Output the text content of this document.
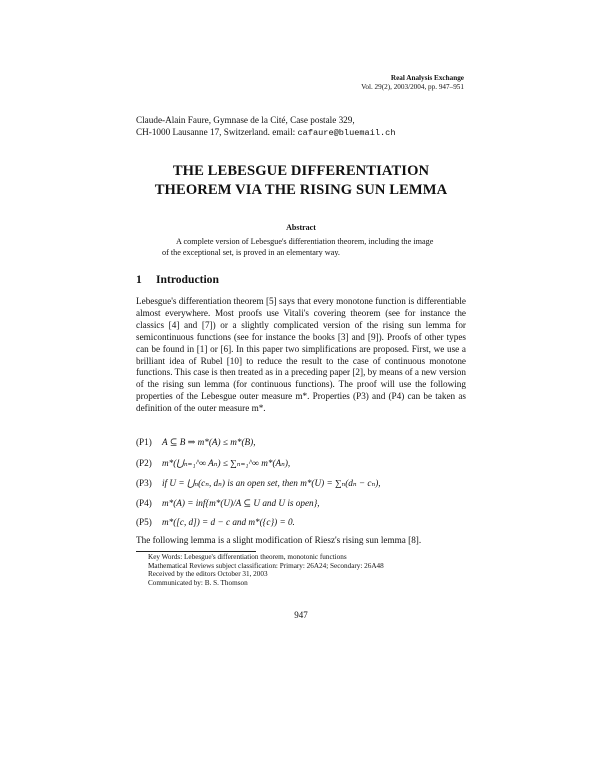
Real Analysis Exchange
Vol. 29(2), 2003/2004, pp. 947–951
Claude-Alain Faure, Gymnase de la Cité, Case postale 329,
CH-1000 Lausanne 17, Switzerland. email: cafaure@bluemail.ch
THE LEBESGUE DIFFERENTIATION
THEOREM VIA THE RISING SUN LEMMA
Abstract
A complete version of Lebesgue's differentiation theorem, including the image of the exceptional set, is proved in an elementary way.
1 Introduction
Lebesgue's differentiation theorem [5] says that every monotone function is differentiable almost everywhere. Most proofs use Vitali's covering theorem (see for instance the classics [4] and [7]) or a slightly complicated version of the rising sun lemma for semicontinuous functions (see for instance the books [3] and [9]). Proofs of other types can be found in [1] or [6]. In this paper two simplifications are proposed. First, we use a brilliant idea of Rubel [10] to reduce the result to the case of continuous monotone functions. This case is then treated as in a preceding paper [2], by means of a new version of the rising sun lemma (for continuous functions). The proof will use the following properties of the Lebesgue outer measure m*. Properties (P3) and (P4) can be taken as definition of the outer measure m*.
(P1) A ⊆ B ⇒ m*(A) ≤ m*(B),
(P2) m*(⋃ₙ₌₁^∞ Aₙ) ≤ ∑ₙ₌₁^∞ m*(Aₙ),
(P3) if U = ⋃ₙ(cₙ, dₙ) is an open set, then m*(U) = ∑ₙ(dₙ − cₙ),
(P4) m*(A) = inf{m*(U)/A ⊆ U and U is open},
(P5) m*([c, d]) = d − c and m*({c}) = 0.
The following lemma is a slight modification of Riesz's rising sun lemma [8].
Key Words: Lebesgue's differentiation theorem, monotonic functions
Mathematical Reviews subject classification: Primary: 26A24; Secondary: 26A48
Received by the editors October 31, 2003
Communicated by: B. S. Thomson
947
